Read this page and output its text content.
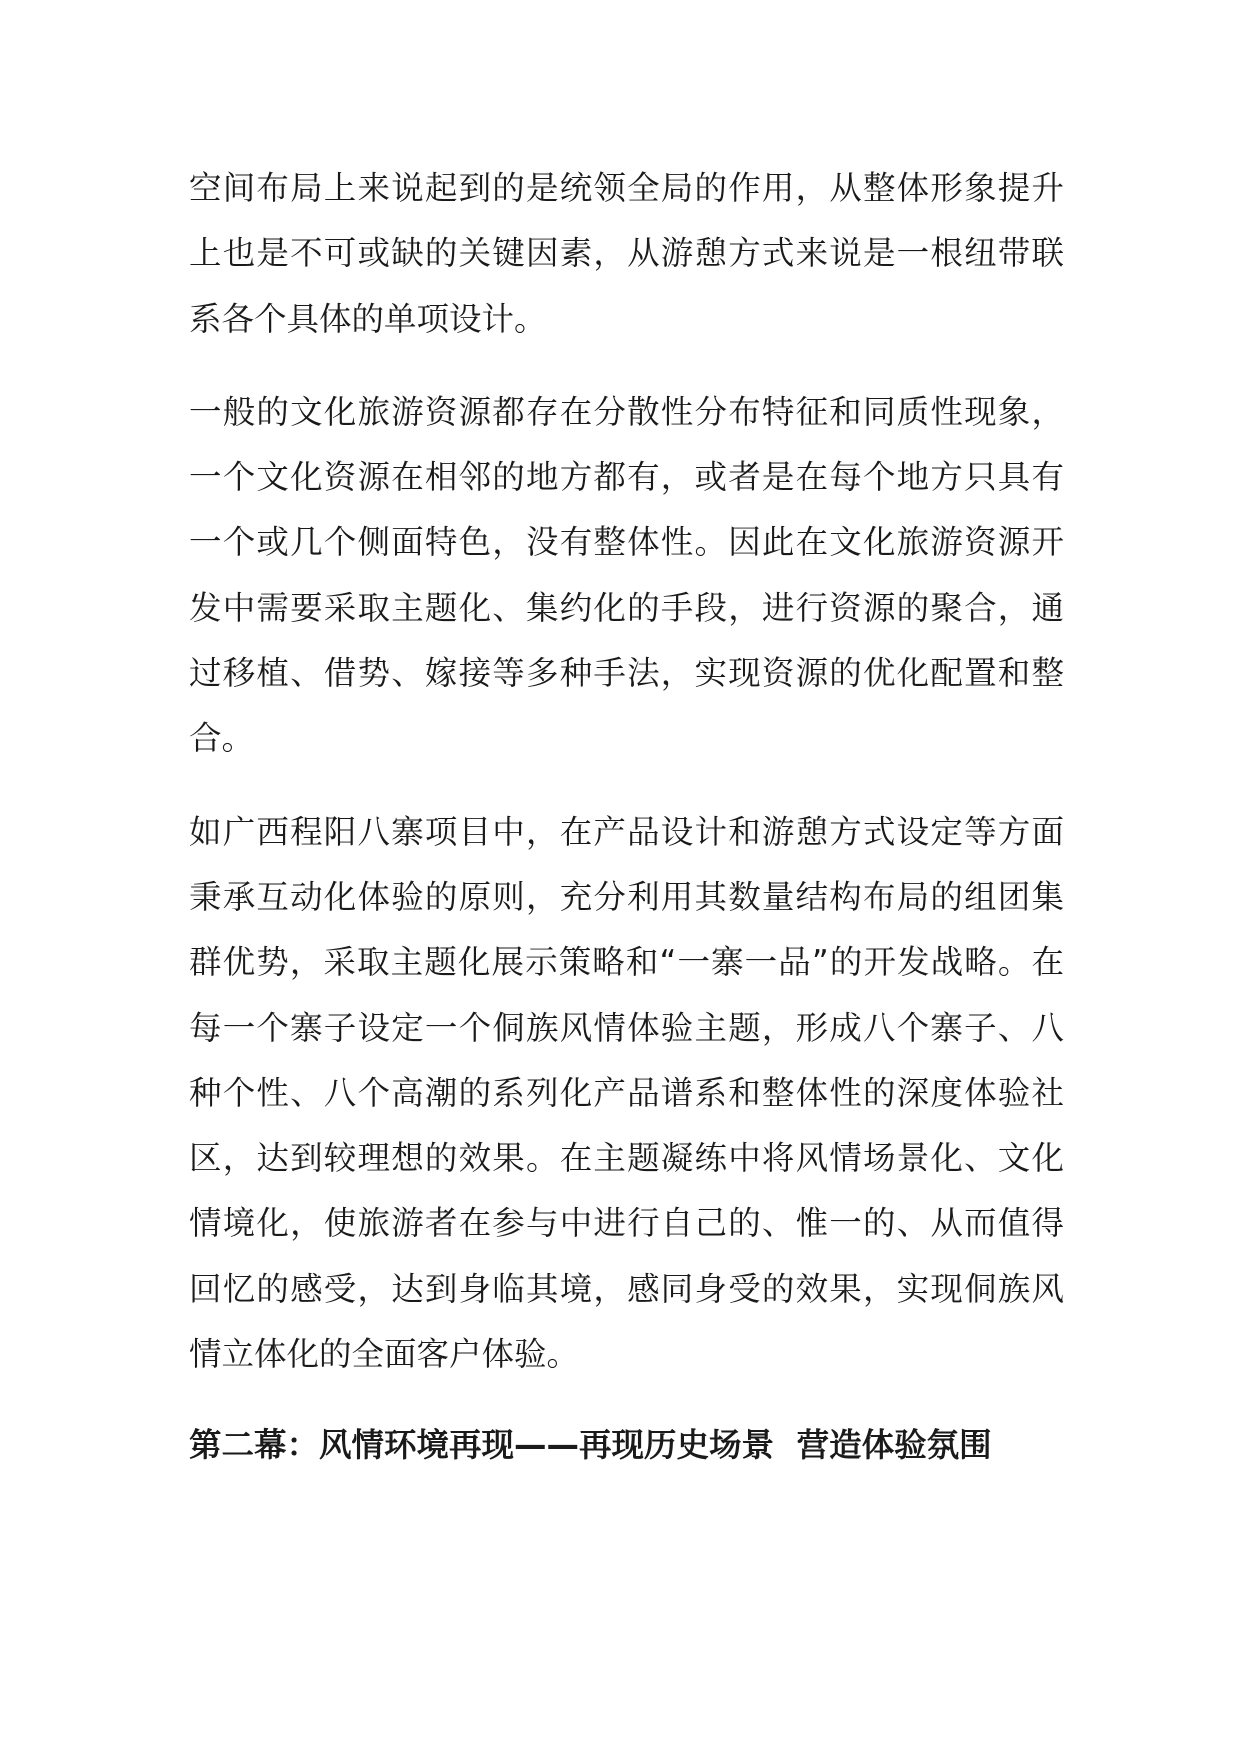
空间布局上来说起到的是统领全局的作用，从整体形象提升上也是不可或缺的关键因素，从游憩方式来说是一根纽带联系各个具体的单项设计。

一般的文化旅游资源都存在分散性分布特征和同质性现象，一个文化资源在相邻的地方都有，或者是在每个地方只具有一个或几个侧面特色，没有整体性。因此在文化旅游资源开发中需要采取主题化、集约化的手段，进行资源的聚合，通过移植、借势、嫁接等多种手法，实现资源的优化配置和整合。

如广西程阳八寨项目中，在产品设计和游憩方式设定等方面秉承互动化体验的原则，充分利用其数量结构布局的组团集群优势，采取主题化展示策略和“一寨一品”的开发战略。在每一个寨子设定一个侗族风情体验主题，形成八个寨子、八种个性、八个高潮的系列化产品谱系和整体性的深度体验社区，达到较理想的效果。在主题凝练中将风情场景化、文化情境化，使旅游者在参与中进行自己的、惟一的、从而值得回忆的感受，达到身临其境，感同身受的效果，实现侗族风情立体化的全面客户体验。

第二幕：风情环境再现——再现历史场景  营造体验氛围
